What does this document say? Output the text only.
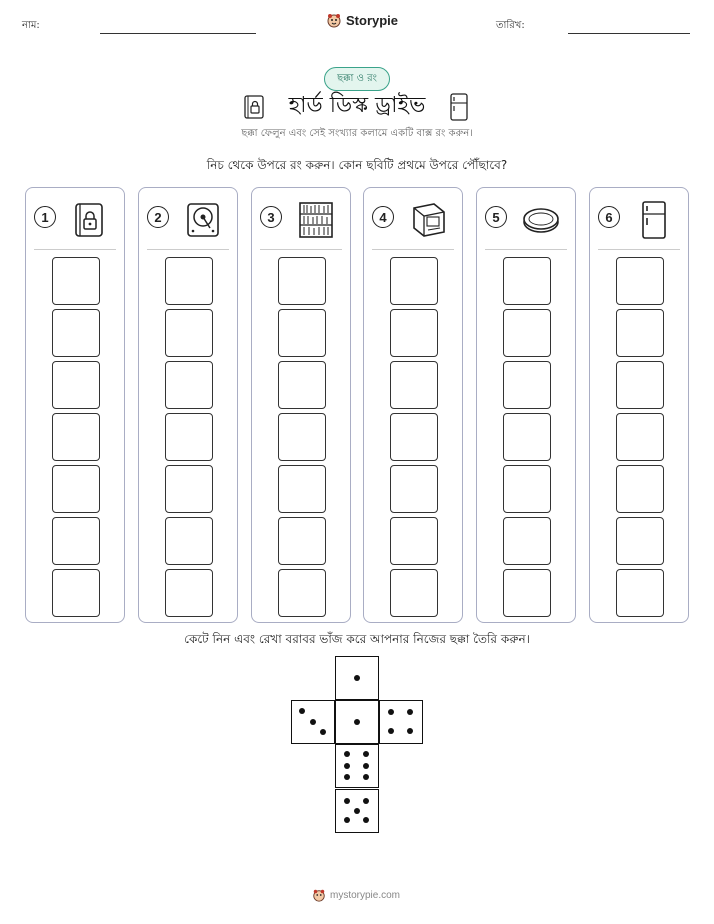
নাম:	Storypie	তারিখ:
ছক্কা ও রং
হার্ড ডিস্ক ড্রাইভ
ছক্কা ফেলুন এবং সেই সংখ্যার কলামে একটি বাক্স রং করুন।
নিচ থেকে উপরে রং করুন। কোন ছবিটি প্রথমে উপরে পৌঁছাবে?
1	2	3	4	5	6
কেটে নিন এবং রেখা বরাবর ভাঁজ করে আপনার নিজের ছক্কা তৈরি করুন।
mystorypie.com
